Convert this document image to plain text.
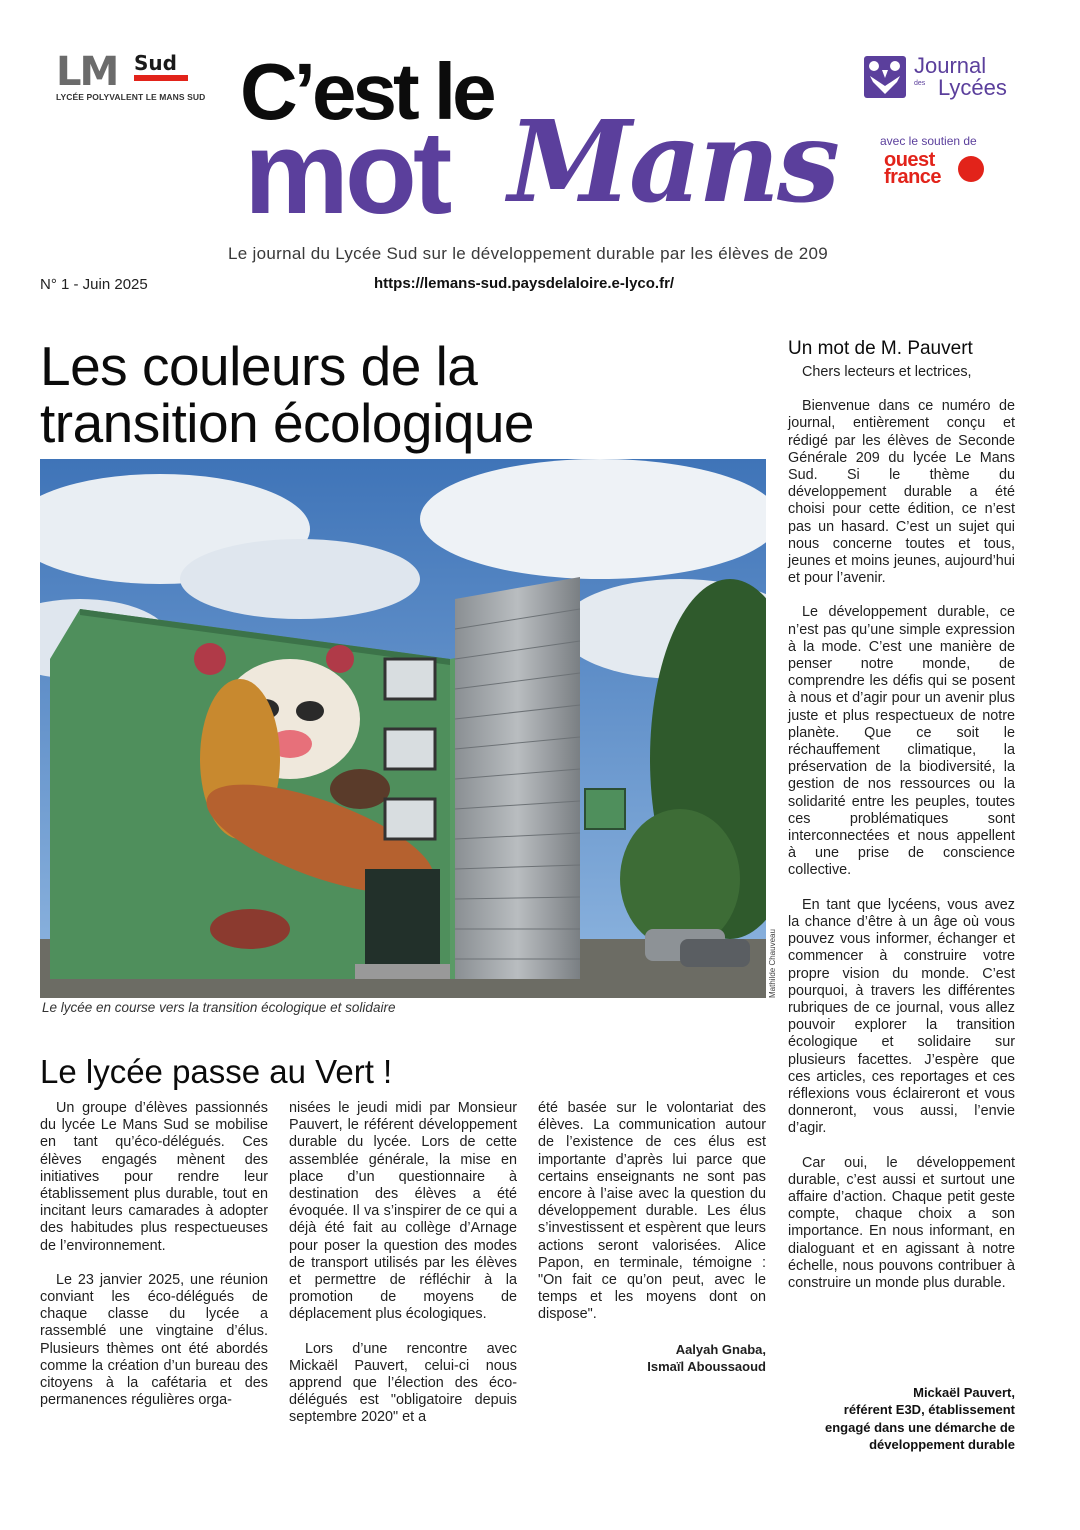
LM Sud
LYCÉE POLYVALENT LE MANS SUD C’est le
mot Mans
Le journal du Lycée Sud sur le développement durable par les élèves de 209
Journal
des Lycées
avec le soutien de
ouest
france
N° 1 - Juin 2025	https://lemans-sud.paysdelaloire.e-lyco.fr/
Les couleurs de la
transition écologique
Mathilde Chauveau
Le lycée en course vers la transition écologique et solidaire
Le lycée passe au Vert !

Un groupe d’élèves passionnés du lycée Le Mans Sud se mobilise en tant qu’éco-délégués. Ces élèves engagés mènent des initiatives pour rendre leur établissement plus durable, tout en incitant leurs camarades à adopter des habitudes plus respectueuses de l’environnement.

Le 23 janvier 2025, une réunion conviant les éco-délégués de chaque classe du lycée a rassemblé une vingtaine d’élus. Plusieurs thèmes ont été abordés comme la création d’un bureau des citoyens à la cafétaria et des permanences régulières orga-

nisées le jeudi midi par Monsieur Pauvert, le référent développement durable du lycée. Lors de cette assemblée générale, la mise en place d’un questionnaire à destination des élèves a été évoquée. Il va s’inspirer de ce qui a déjà été fait au collège d’Arnage pour poser la question des modes de transport utilisés par les élèves et permettre de réfléchir à la promotion de moyens de déplacement plus écologiques.

Lors d’une rencontre avec Mickaël Pauvert, celui-ci nous apprend que l’élection des éco-délégués est "obligatoire depuis septembre 2020" et a

été basée sur le volontariat des élèves. La communication autour de l’existence de ces élus est importante d’après lui parce que certains enseignants ne sont pas encore à l’aise avec la question du développement durable. Les élus s’investissent et espèrent que leurs actions seront valorisées. Alice Papon, en terminale, témoigne : "On fait ce qu’on peut, avec le temps et les moyens dont on dispose".

Aalyah Gnaba,
Ismaïl Aboussaoud
Un mot de M. Pauvert

Chers lecteurs et lectrices,

Bienvenue dans ce numéro de journal, entièrement conçu et rédigé par les élèves de Seconde Générale 209 du lycée Le Mans Sud. Si le thème du développement durable a été choisi pour cette édition, ce n’est pas un hasard. C’est un sujet qui nous concerne toutes et tous, jeunes et moins jeunes, aujourd’hui et pour l’avenir.

Le développement durable, ce n’est pas qu’une simple expression à la mode. C’est une manière de penser notre monde, de comprendre les défis qui se posent à nous et d’agir pour un avenir plus juste et plus respectueux de notre planète. Que ce soit le réchauffement climatique, la préservation de la biodiversité, la gestion de nos ressources ou la solidarité entre les peuples, toutes ces problématiques sont interconnectées et nous appellent à une prise de conscience collective.

En tant que lycéens, vous avez la chance d’être à un âge où vous pouvez vous informer, échanger et commencer à construire votre propre vision du monde. C’est pourquoi, à travers les différentes rubriques de ce journal, vous allez pouvoir explorer la transition écologique et solidaire sur plusieurs facettes. J’espère que ces articles, ces reportages et ces réflexions vous éclaireront et vous donneront, vous aussi, l’envie d’agir.

Car oui, le développement durable, c’est aussi et surtout une affaire d’action. Chaque petit geste compte, chaque choix a son importance. En nous informant, en dialoguant et en agissant à notre échelle, nous pouvons contribuer à construire un monde plus durable.

Mickaël Pauvert,
référent E3D, établissement
engagé dans une démarche de
développement durable
